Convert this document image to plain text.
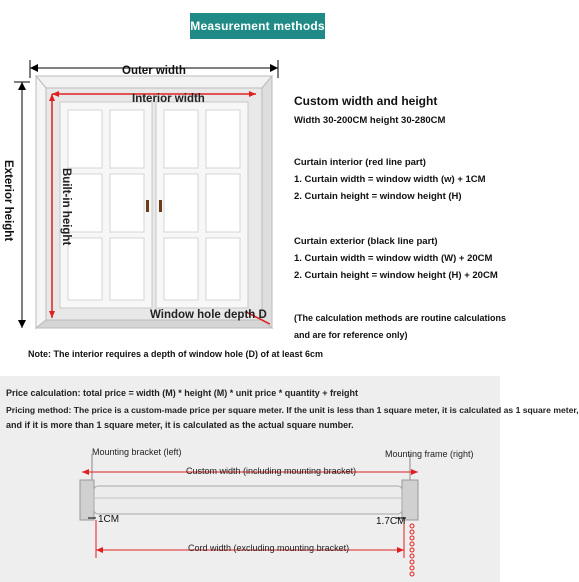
Measurement methods
Outer width
Interior width
Exterior height	Built-in height
Window hole depth D
Custom width and height
Width 30-200CM height 30-280CM
Curtain interior (red line part)
1. Curtain width = window width (w) + 1CM
2. Curtain height = window height (H)
Curtain exterior (black line part)
1. Curtain width = window width (W) + 20CM
2. Curtain height = window height (H) + 20CM
(The calculation methods are routine calculations
and are for reference only)
Note: The interior requires a depth of window hole (D) of at least 6cm
Price calculation: total price = width (M) * height (M) * unit price * quantity + freight
Pricing method: The price is a custom-made price per square meter. If the unit is less than 1 square meter, it is calculated as 1 square meter,
and if it is more than 1 square meter, it is calculated as the actual square number.
Mounting bracket (left)	Mounting frame (right)
Custom width (including mounting bracket)
1CM	1.7CM
Cord width (excluding mounting bracket)
